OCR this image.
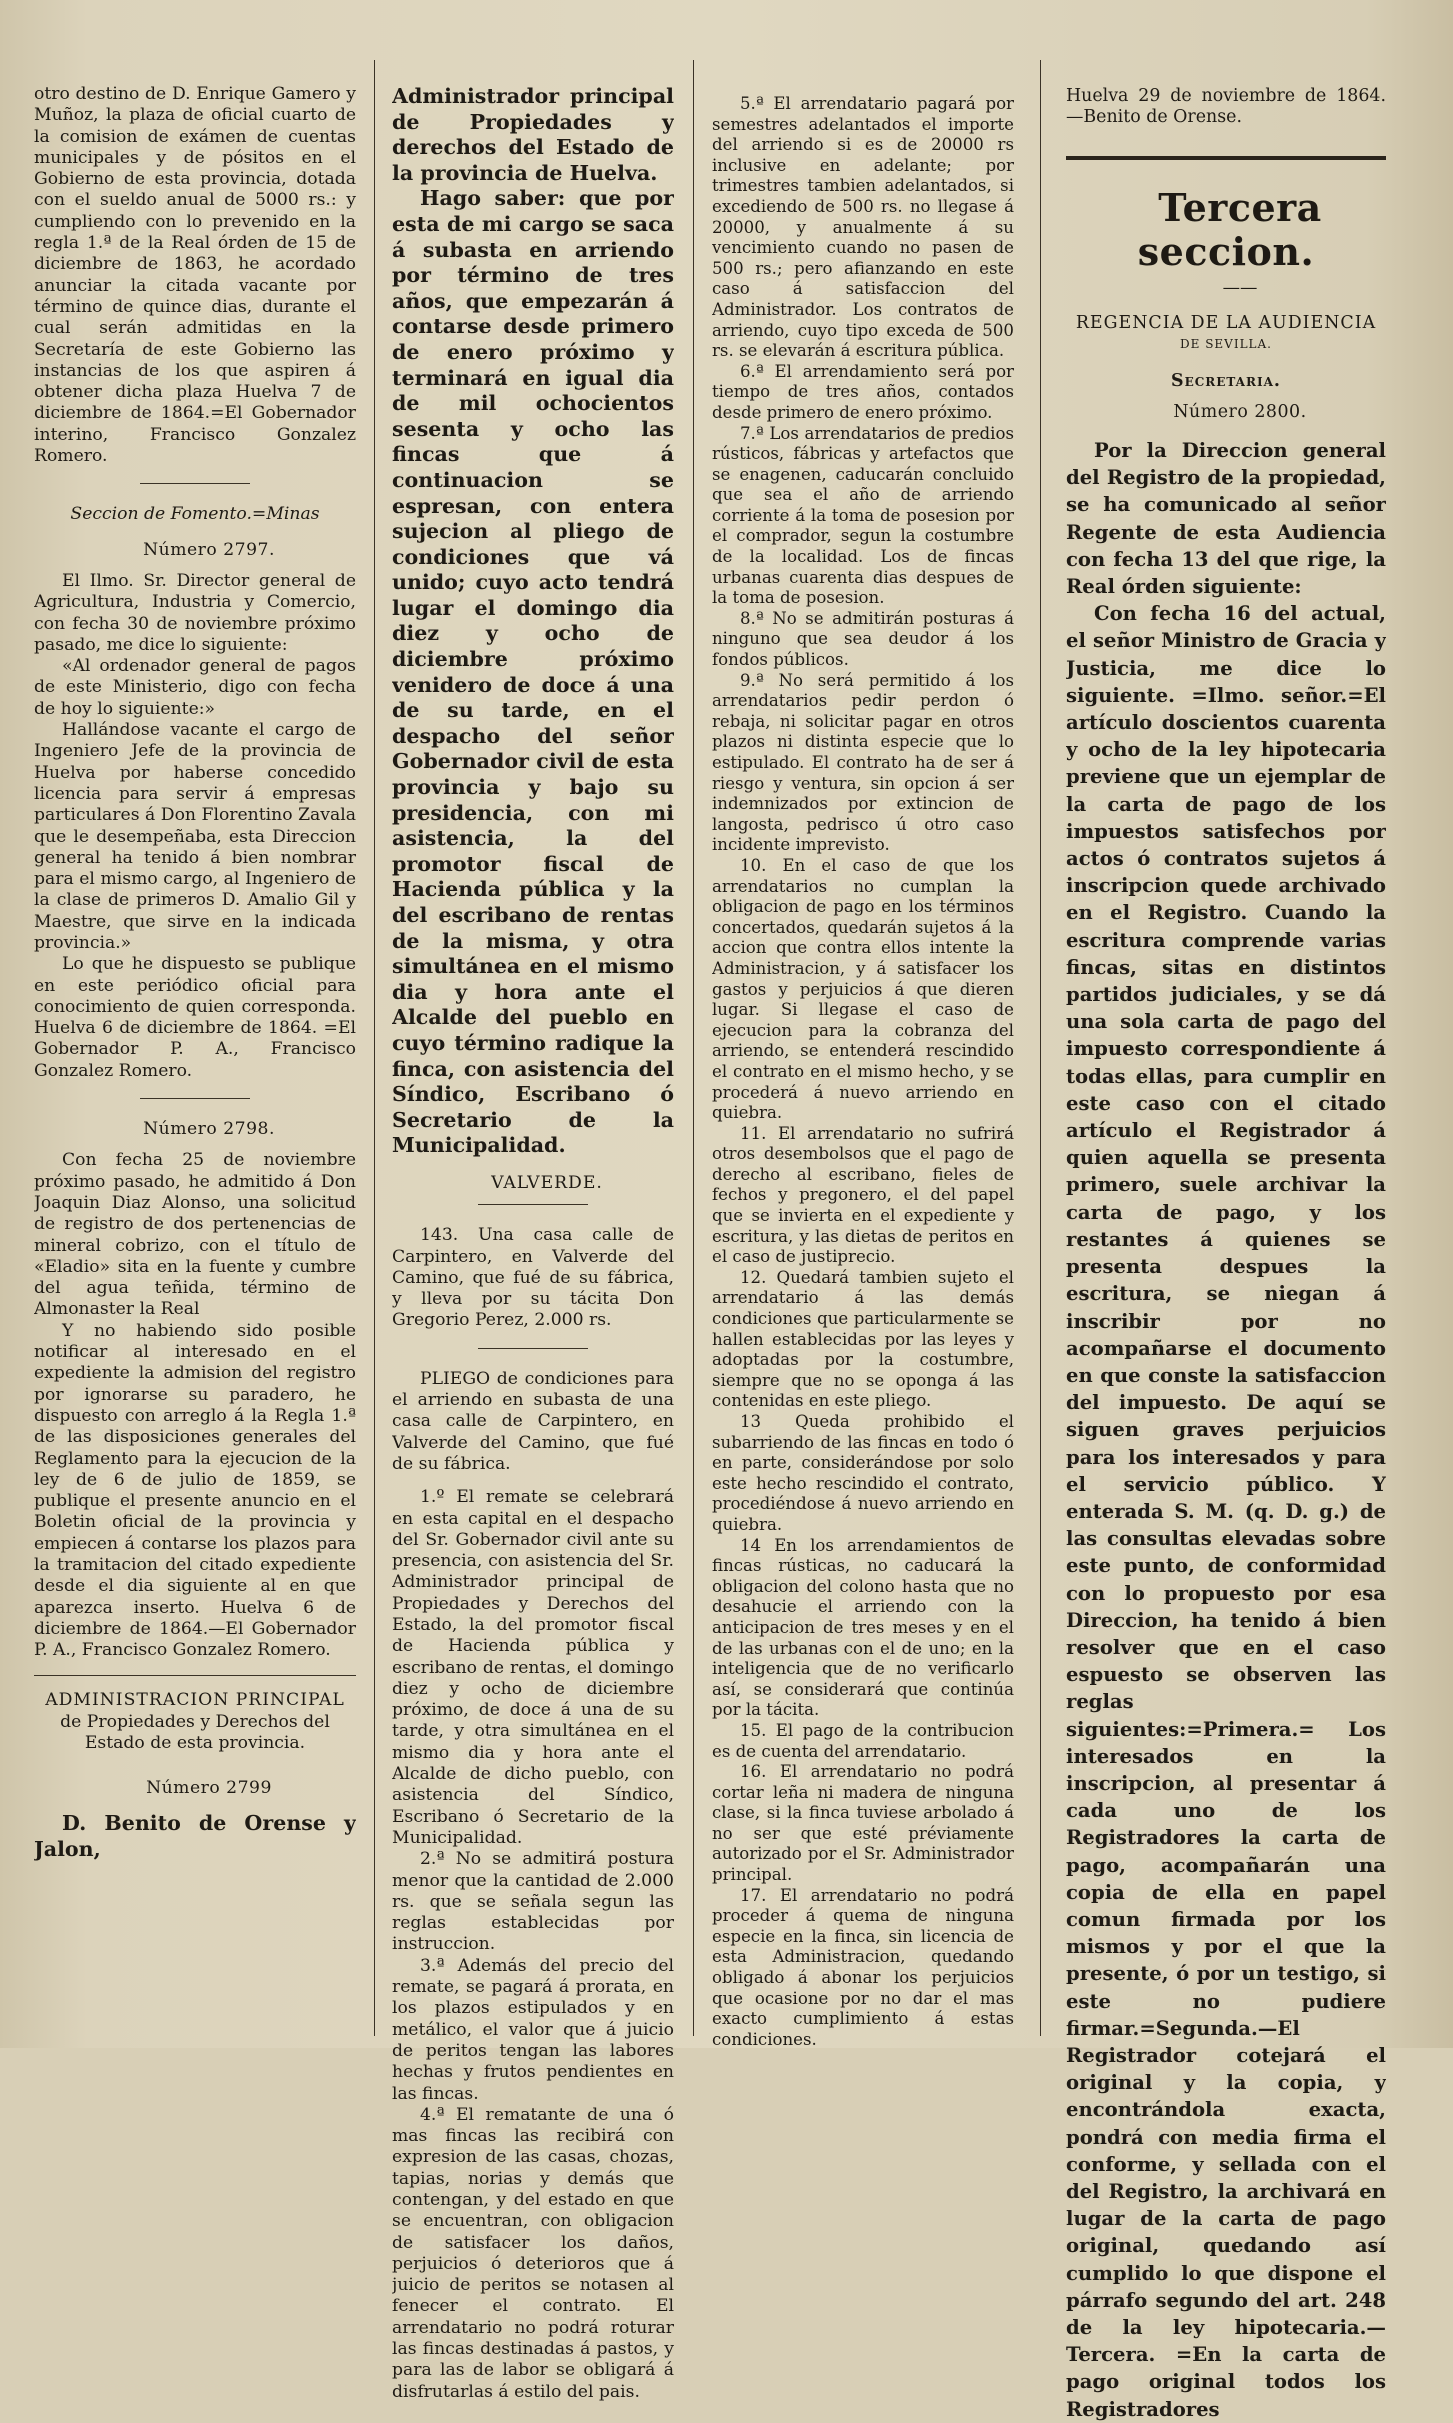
otro destino de D. Enrique Gamero y Muñoz, la plaza de oficial cuarto de la comision de exámen de cuentas municipales y de pósitos en el Gobierno de esta provincia, dotada con el sueldo anual de 5000 rs.: y cumpliendo con lo prevenido en la regla 1.ª de la Real órden de 15 de diciembre de 1863, he acordado anunciar la citada vacante por término de quince dias, durante el cual serán admitidas en la Secretaría de este Gobierno las instancias de los que aspiren á obtener dicha plaza Huelva 7 de diciembre de 1864.=El Gobernador interino, Francisco Gonzalez Romero.

Seccion de Fomento.=Minas

Número 2797.

El Ilmo. Sr. Director general de Agricultura, Industria y Comercio, con fecha 30 de noviembre próximo pasado, me dice lo siguiente:

«Al ordenador general de pagos de este Ministerio, digo con fecha de hoy lo siguiente:»

Hallándose vacante el cargo de Ingeniero Jefe de la provincia de Huelva por haberse concedido licencia para servir á empresas particulares á Don Florentino Zavala que le desempeñaba, esta Direccion general ha tenido á bien nombrar para el mismo cargo, al Ingeniero de la clase de primeros D. Amalio Gil y Maestre, que sirve en la indicada provincia.»

Lo que he dispuesto se publique en este periódico oficial para conocimiento de quien corresponda. Huelva 6 de diciembre de 1864. =El Gobernador P. A., Francisco Gonzalez Romero.

Número 2798.

Con fecha 25 de noviembre próximo pasado, he admitido á Don Joaquin Diaz Alonso, una solicitud de registro de dos pertenencias de mineral cobrizo, con el título de «Eladio» sita en la fuente y cumbre del agua teñida, término de Almonaster la Real

Y no habiendo sido posible notificar al interesado en el expediente la admision del registro por ignorarse su paradero, he dispuesto con arreglo á la Regla 1.ª de las disposiciones generales del Reglamento para la ejecucion de la ley de 6 de julio de 1859, se publique el presente anuncio en el Boletin oficial de la provincia y empiecen á contarse los plazos para la tramitacion del citado expediente desde el dia siguiente al en que aparezca inserto. Huelva 6 de diciembre de 1864.—El Gobernador P. A., Francisco Gonzalez Romero.

ADMINISTRACION PRINCIPAL

de Propiedades y Derechos del Estado de esta provincia.

Número 2799

D. Benito de Orense y Jalon,

Administrador principal de Propiedades y derechos del Estado de la provincia de Huelva.

Hago saber: que por esta de mi cargo se saca á subasta en arriendo por término de tres años, que empezarán á contarse desde primero de enero próximo y terminará en igual dia de mil ochocientos sesenta y ocho las fincas que á continuacion se espresan, con entera sujecion al pliego de condiciones que vá unido; cuyo acto tendrá lugar el domingo dia diez y ocho de diciembre próximo venidero de doce á una de su tarde, en el despacho del señor Gobernador civil de esta provincia y bajo su presidencia, con mi asistencia, la del promotor fiscal de Hacienda pública y la del escribano de rentas de la misma, y otra simultánea en el mismo dia y hora ante el Alcalde del pueblo en cuyo término radique la finca, con asistencia del Síndico, Escribano ó Secretario de la Municipalidad.

VALVERDE.

143. Una casa calle de Carpintero, en Valverde del Camino, que fué de su fábrica, y lleva por su tácita Don Gregorio Perez, 2.000 rs.

PLIEGO de condiciones para el arriendo en subasta de una casa calle de Carpintero, en Valverde del Camino, que fué de su fábrica.

1.º El remate se celebrará en esta capital en el despacho del Sr. Gobernador civil ante su presencia, con asistencia del Sr. Administrador principal de Propiedades y Derechos del Estado, la del promotor fiscal de Hacienda pública y escribano de rentas, el domingo diez y ocho de diciembre próximo, de doce á una de su tarde, y otra simultánea en el mismo dia y hora ante el Alcalde de dicho pueblo, con asistencia del Síndico, Escribano ó Secretario de la Municipalidad.

2.ª No se admitirá postura menor que la cantidad de 2.000 rs. que se señala segun las reglas establecidas por instruccion.

3.ª Además del precio del remate, se pagará á prorata, en los plazos estipulados y en metálico, el valor que á juicio de peritos tengan las labores hechas y frutos pendientes en las fincas.

4.ª El rematante de una ó mas fincas las recibirá con expresion de las casas, chozas, tapias, norias y demás que contengan, y del estado en que se encuentran, con obligacion de satisfacer los daños, perjuicios ó deterioros que á juicio de peritos se notasen al fenecer el contrato. El arrendatario no podrá roturar las fincas destinadas á pastos, y para las de labor se obligará á disfrutarlas á estilo del pais.

5.ª El arrendatario pagará por semestres adelantados el importe del arriendo si es de 20000 rs inclusive en adelante; por trimestres tambien adelantados, si excediendo de 500 rs. no llegase á 20000, y anualmente á su vencimiento cuando no pasen de 500 rs.; pero afianzando en este caso á satisfaccion del Administrador. Los contratos de arriendo, cuyo tipo exceda de 500 rs. se elevarán á escritura pública.

6.ª El arrendamiento será por tiempo de tres años, contados desde primero de enero próximo.

7.ª Los arrendatarios de predios rústicos, fábricas y artefactos que se enagenen, caducarán concluido que sea el año de arriendo corriente á la toma de posesion por el comprador, segun la costumbre de la localidad. Los de fincas urbanas cuarenta dias despues de la toma de posesion.

8.ª No se admitirán posturas á ninguno que sea deudor á los fondos públicos.

9.ª No será permitido á los arrendatarios pedir perdon ó rebaja, ni solicitar pagar en otros plazos ni distinta especie que lo estipulado. El contrato ha de ser á riesgo y ventura, sin opcion á ser indemnizados por extincion de langosta, pedrisco ú otro caso incidente imprevisto.

10. En el caso de que los arrendatarios no cumplan la obligacion de pago en los términos concertados, quedarán sujetos á la accion que contra ellos intente la Administracion, y á satisfacer los gastos y perjuicios á que dieren lugar. Si llegase el caso de ejecucion para la cobranza del arriendo, se entenderá rescindido el contrato en el mismo hecho, y se procederá á nuevo arriendo en quiebra.

11. El arrendatario no sufrirá otros desembolsos que el pago de derecho al escribano, fieles de fechos y pregonero, el del papel que se invierta en el expediente y escritura, y las dietas de peritos en el caso de justiprecio.

12. Quedará tambien sujeto el arrendatario á las demás condiciones que particularmente se hallen establecidas por las leyes y adoptadas por la costumbre, siempre que no se oponga á las contenidas en este pliego.

13 Queda prohibido el subarriendo de las fincas en todo ó en parte, considerándose por solo este hecho rescindido el contrato, procediéndose á nuevo arriendo en quiebra.

14 En los arrendamientos de fincas rústicas, no caducará la obligacion del colono hasta que no desahucie el arriendo con la anticipacion de tres meses y en el de las urbanas con el de uno; en la inteligencia que de no verificarlo así, se considerará que continúa por la tácita.

15. El pago de la contribucion es de cuenta del arrendatario.

16. El arrendatario no podrá cortar leña ni madera de ninguna clase, si la finca tuviese arbolado á no ser que esté préviamente autorizado por el Sr. Administrador principal.

17. El arrendatario no podrá proceder á quema de ninguna especie en la finca, sin licencia de esta Administracion, quedando obligado á abonar los perjuicios que ocasione por no dar el mas exacto cumplimiento á estas condiciones.

Huelva 29 de noviembre de 1864. —Benito de Orense.

Tercera seccion.

——

REGENCIA DE LA AUDIENCIA

DE SEVILLA.

Secretaria.

Número 2800.

Por la Direccion general del Registro de la propiedad, se ha comunicado al señor Regente de esta Audiencia con fecha 13 del que rige, la Real órden siguiente:

Con fecha 16 del actual, el señor Ministro de Gracia y Justicia, me dice lo siguiente. =Ilmo. señor.=El artículo doscientos cuarenta y ocho de la ley hipotecaria previene que un ejemplar de la carta de pago de los impuestos satisfechos por actos ó contratos sujetos á inscripcion quede archivado en el Registro. Cuando la escritura comprende varias fincas, sitas en distintos partidos judiciales, y se dá una sola carta de pago del impuesto correspondiente á todas ellas, para cumplir en este caso con el citado artículo el Registrador á quien aquella se presenta primero, suele archivar la carta de pago, y los restantes á quienes se presenta despues la escritura, se niegan á inscribir por no acompañarse el documento en que conste la satisfaccion del impuesto. De aquí se siguen graves perjuicios para los interesados y para el servicio público. Y enterada S. M. (q. D. g.) de las consultas elevadas sobre este punto, de conformidad con lo propuesto por esa Direccion, ha tenido á bien resolver que en el caso espuesto se observen las reglas siguientes:=Primera.= Los interesados en la inscripcion, al presentar á cada uno de los Registradores la carta de pago, acompañarán una copia de ella en papel comun firmada por los mismos y por el que la presente, ó por un testigo, si este no pudiere firmar.=Segunda.—El Registrador cotejará el original y la copia, y encontrándola exacta, pondrá con media firma el conforme, y sellada con el del Registro, la archivará en lugar de la carta de pago original, quedando así cumplido lo que dispone el párrafo segundo del art. 248 de la ley hipotecaria.—Tercera. =En la carta de pago original todos los Registradores
